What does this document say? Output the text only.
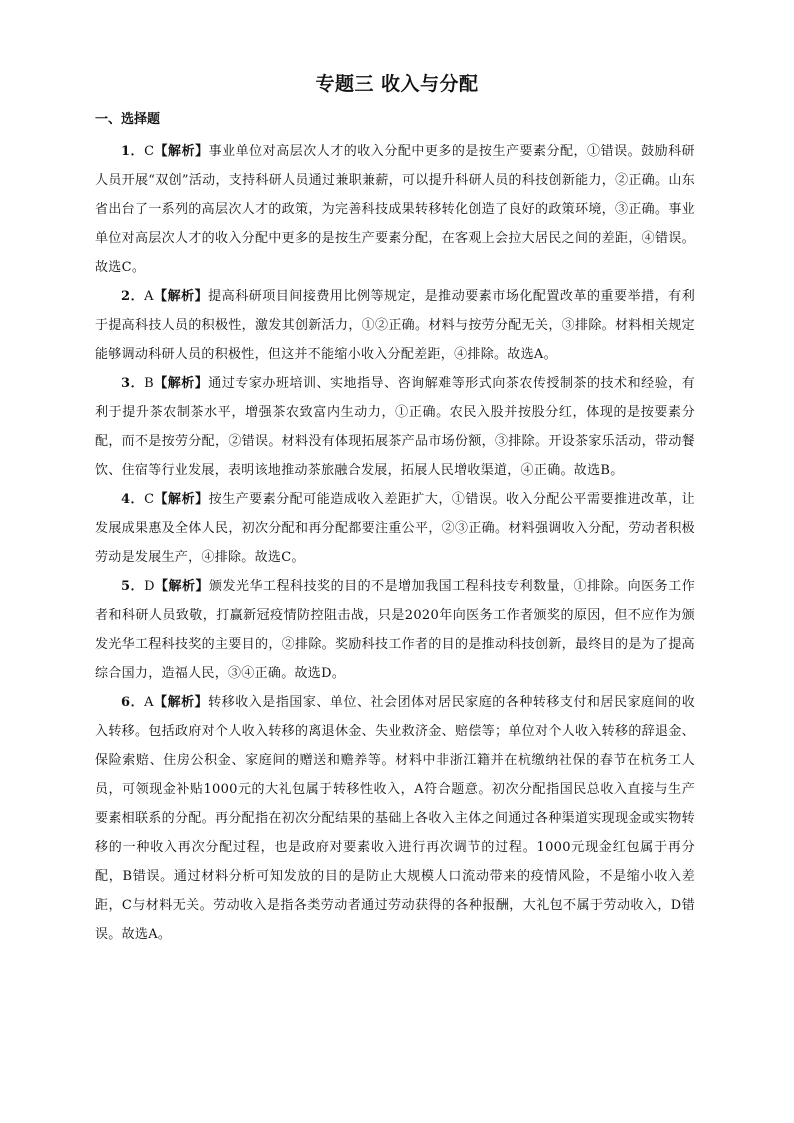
专题三 收入与分配
一、选择题

1．C【解析】事业单位对高层次人才的收入分配中更多的是按生产要素分配，①错误。鼓励科研人员开展“双创”活动，支持科研人员通过兼职兼薪，可以提升科研人员的科技创新能力，②正确。山东省出台了一系列的高层次人才的政策，为完善科技成果转移转化创造了良好的政策环境，③正确。事业单位对高层次人才的收入分配中更多的是按生产要素分配，在客观上会拉大居民之间的差距，④错误。故选C。

2．A【解析】提高科研项目间接费用比例等规定，是推动要素市场化配置改革的重要举措，有利于提高科技人员的积极性，激发其创新活力，①②正确。材料与按劳分配无关，③排除。材料相关规定能够调动科研人员的积极性，但这并不能缩小收入分配差距，④排除。故选A。

3．B【解析】通过专家办班培训、实地指导、咨询解难等形式向茶农传授制茶的技术和经验，有利于提升茶农制茶水平，增强茶农致富内生动力，①正确。农民入股并按股分红，体现的是按要素分配，而不是按劳分配，②错误。材料没有体现拓展茶产品市场份额，③排除。开设茶家乐活动，带动餐饮、住宿等行业发展，表明该地推动茶旅融合发展，拓展人民增收渠道，④正确。故选B。

4．C【解析】按生产要素分配可能造成收入差距扩大，①错误。收入分配公平需要推进改革，让发展成果惠及全体人民，初次分配和再分配都要注重公平，②③正确。材料强调收入分配，劳动者积极劳动是发展生产，④排除。故选C。

5．D【解析】颁发光华工程科技奖的目的不是增加我国工程科技专利数量，①排除。向医务工作者和科研人员致敬，打赢新冠疫情防控阻击战，只是2020年向医务工作者颁奖的原因，但不应作为颁发光华工程科技奖的主要目的，②排除。奖励科技工作者的目的是推动科技创新，最终目的是为了提高综合国力，造福人民，③④正确。故选D。

6．A【解析】转移收入是指国家、单位、社会团体对居民家庭的各种转移支付和居民家庭间的收入转移。包括政府对个人收入转移的离退休金、失业救济金、赔偿等；单位对个人收入转移的辞退金、保险索赔、住房公积金、家庭间的赠送和赡养等。材料中非浙江籍并在杭缴纳社保的春节在杭务工人员，可领现金补贴1000元的大礼包属于转移性收入，A符合题意。初次分配指国民总收入直接与生产要素相联系的分配。再分配指在初次分配结果的基础上各收入主体之间通过各种渠道实现现金或实物转移的一种收入再次分配过程，也是政府对要素收入进行再次调节的过程。1000元现金红包属于再分配，B错误。通过材料分析可知发放的目的是防止大规模人口流动带来的疫情风险，不是缩小收入差距，C与材料无关。劳动收入是指各类劳动者通过劳动获得的各种报酬，大礼包不属于劳动收入，D错误。故选A。
